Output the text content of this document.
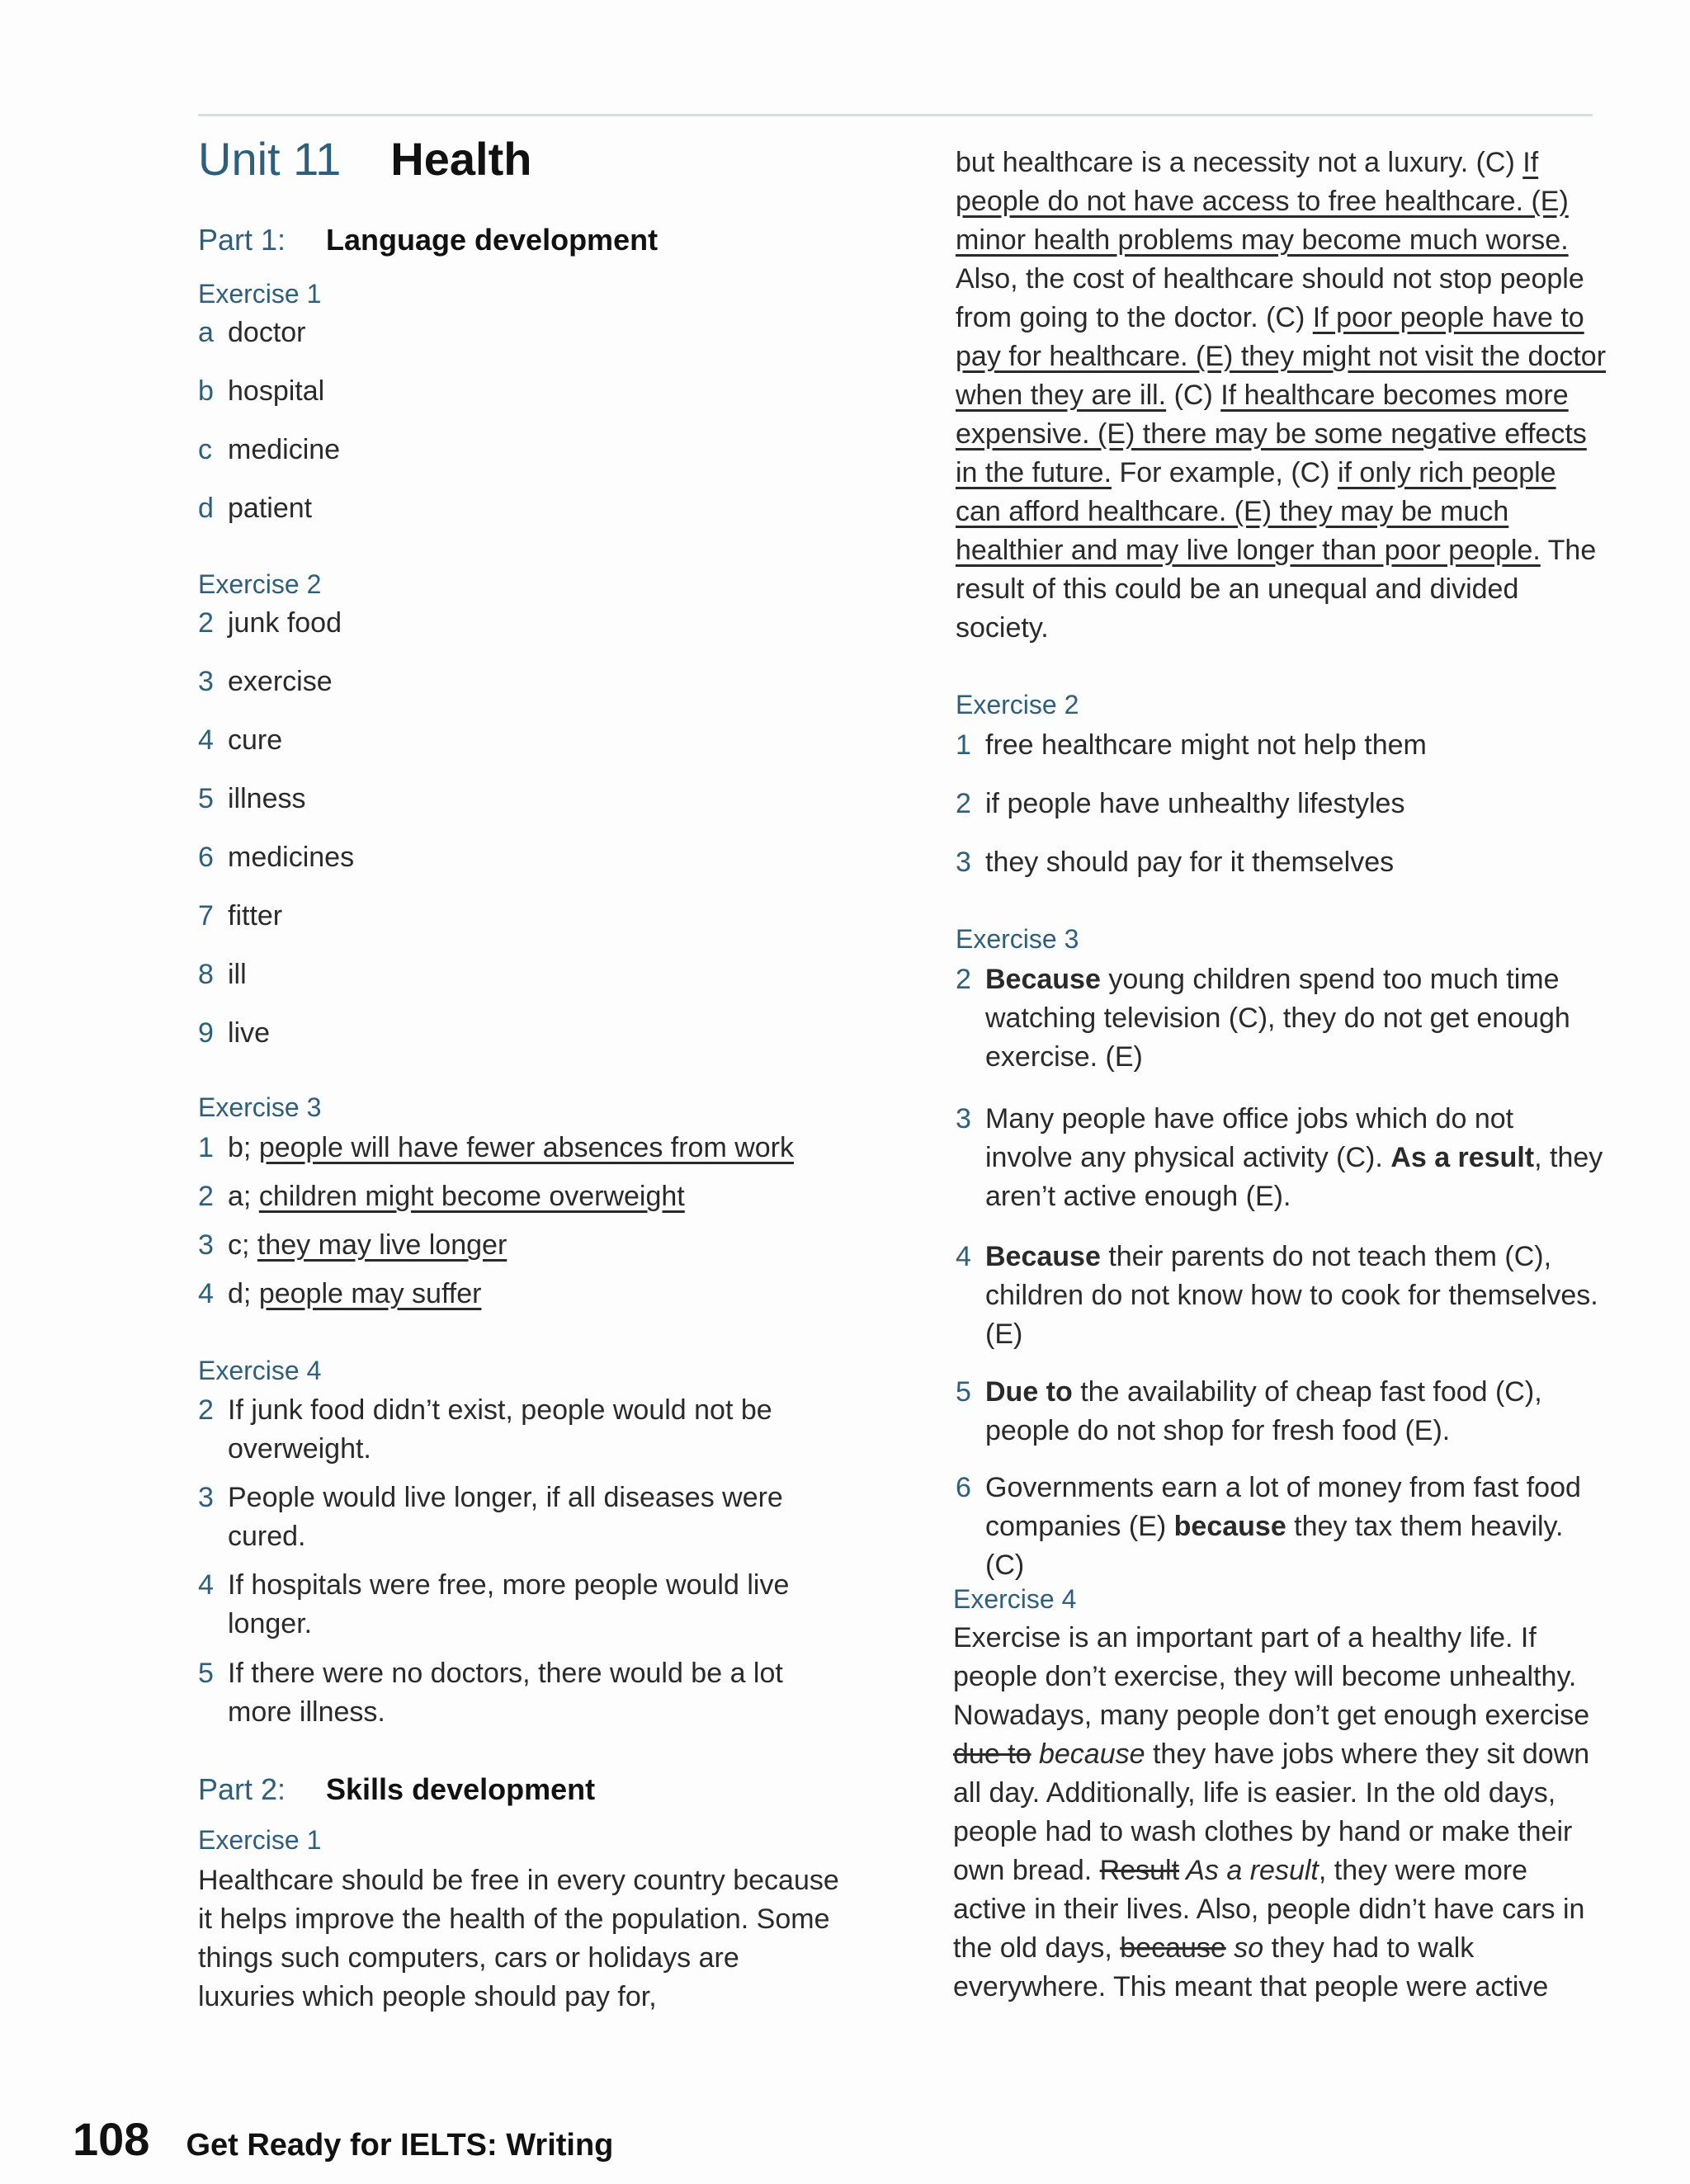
Unit 11 Health
Part 1: Language development
Exercise 1
a doctor
b hospital
c medicine
d patient
Exercise 2
2 junk food
3 exercise
4 cure
5 illness
6 medicines
7 fitter
8 ill
9 live
Exercise 3
1 b; people will have fewer absences from work
2 a; children might become overweight
3 c; they may live longer
4 d; people may suffer
Exercise 4
2 If junk food didn’t exist, people would not be overweight.
3 People would live longer, if all diseases were cured.
4 If hospitals were free, more people would live longer.
5 If there were no doctors, there would be a lot more illness.
Part 2: Skills development
Exercise 1
Healthcare should be free in every country because it helps improve the health of the population. Some things such computers, cars or holidays are luxuries which people should pay for,
but healthcare is a necessity not a luxury. (C) If people do not have access to free healthcare. (E) minor health problems may become much worse. Also, the cost of healthcare should not stop people from going to the doctor. (C) If poor people have to pay for healthcare. (E) they might not visit the doctor when they are ill. (C) If healthcare becomes more expensive. (E) there may be some negative effects in the future. For example, (C) if only rich people can afford healthcare. (E) they may be much healthier and may live longer than poor people. The result of this could be an unequal and divided society.
Exercise 2
1 free healthcare might not help them
2 if people have unhealthy lifestyles
3 they should pay for it themselves
Exercise 3
2 Because young children spend too much time watching television (C), they do not get enough exercise. (E)
3 Many people have office jobs which do not involve any physical activity (C). As a result, they aren’t active enough (E).
4 Because their parents do not teach them (C), children do not know how to cook for themselves. (E)
5 Due to the availability of cheap fast food (C), people do not shop for fresh food (E).
6 Governments earn a lot of money from fast food companies (E) because they tax them heavily. (C)
Exercise 4
Exercise is an important part of a healthy life. If people don’t exercise, they will become unhealthy. Nowadays, many people don’t get enough exercise due to because they have jobs where they sit down all day. Additionally, life is easier. In the old days, people had to wash clothes by hand or make their own bread. Result As a result, they were more active in their lives. Also, people didn’t have cars in the old days, because so they had to walk everywhere. This meant that people were active
108 Get Ready for IELTS: Writing
